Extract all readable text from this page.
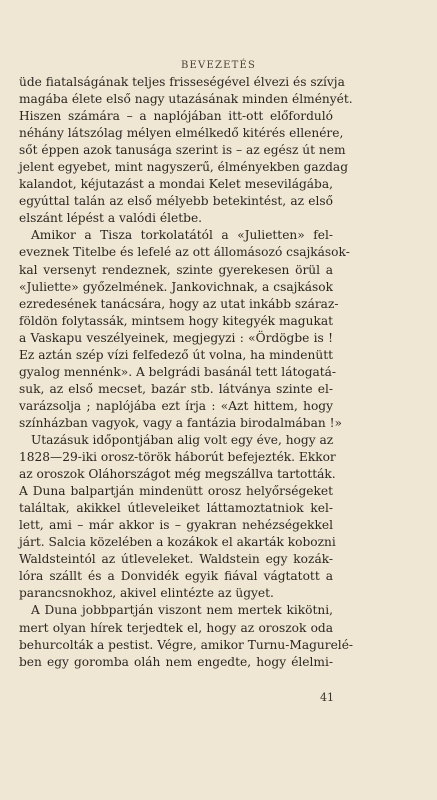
BEVEZETÉS
üde fiatalságának teljes frisseségével élvezi és szívja
magába élete első nagy utazásának minden élményét.
Hiszen számára – a naplójában itt-ott előforduló
néhány látszólag mélyen elmélkedő kitérés ellenére,
sőt éppen azok tanusága szerint is – az egész út nem
jelent egyebet, mint nagyszerű, élményekben gazdag
kalandot, kéjutazást a mondai Kelet mesevilágába,
egyúttal talán az első mélyebb betekintést, az első
elszánt lépést a valódi életbe.
Amikor a Tisza torkolatától a «Julietten» fel-
eveznek Titelbe és lefelé az ott állomásozó csajkások-
kal versenyt rendeznek, szinte gyerekesen örül a
«Juliette» győzelmének. Jankovichnak, a csajkások
ezredesének tanácsára, hogy az utat inkább száraz-
földön folytassák, mintsem hogy kitegyék magukat
a Vaskapu veszélyeinek, megjegyzi : «Ördögbe is !
Ez aztán szép vízi felfedező út volna, ha mindenütt
gyalog mennénk». A belgrádi basánál tett látogatá-
suk, az első mecset, bazár stb. látványa szinte el-
varázsolja ; naplójába ezt írja : «Azt hittem, hogy
színházban vagyok, vagy a fantázia birodalmában !»
Utazásuk időpontjában alig volt egy éve, hogy az
1828—29-iki orosz-török háborút befejezték. Ekkor
az oroszok Oláhországot még megszállva tartották.
A Duna balpartján mindenütt orosz helyőrségeket
találtak, akikkel útleveleiket láttamoztatniok kel-
lett, ami – már akkor is – gyakran nehézségekkel
járt. Salcia közelében a kozákok el akarták kobozni
Waldsteintól az útleveleket. Waldstein egy kozák-
lóra szállt és a Donvidék egyik fiával vágtatott a
parancsnokhoz, akivel elintézte az ügyet.
A Duna jobbpartján viszont nem mertek kikötni,
mert olyan hírek terjedtek el, hogy az oroszok oda
behurcolták a pestist. Végre, amikor Turnu-Magurelé-
ben egy goromba oláh nem engedte, hogy élelmi-
41
